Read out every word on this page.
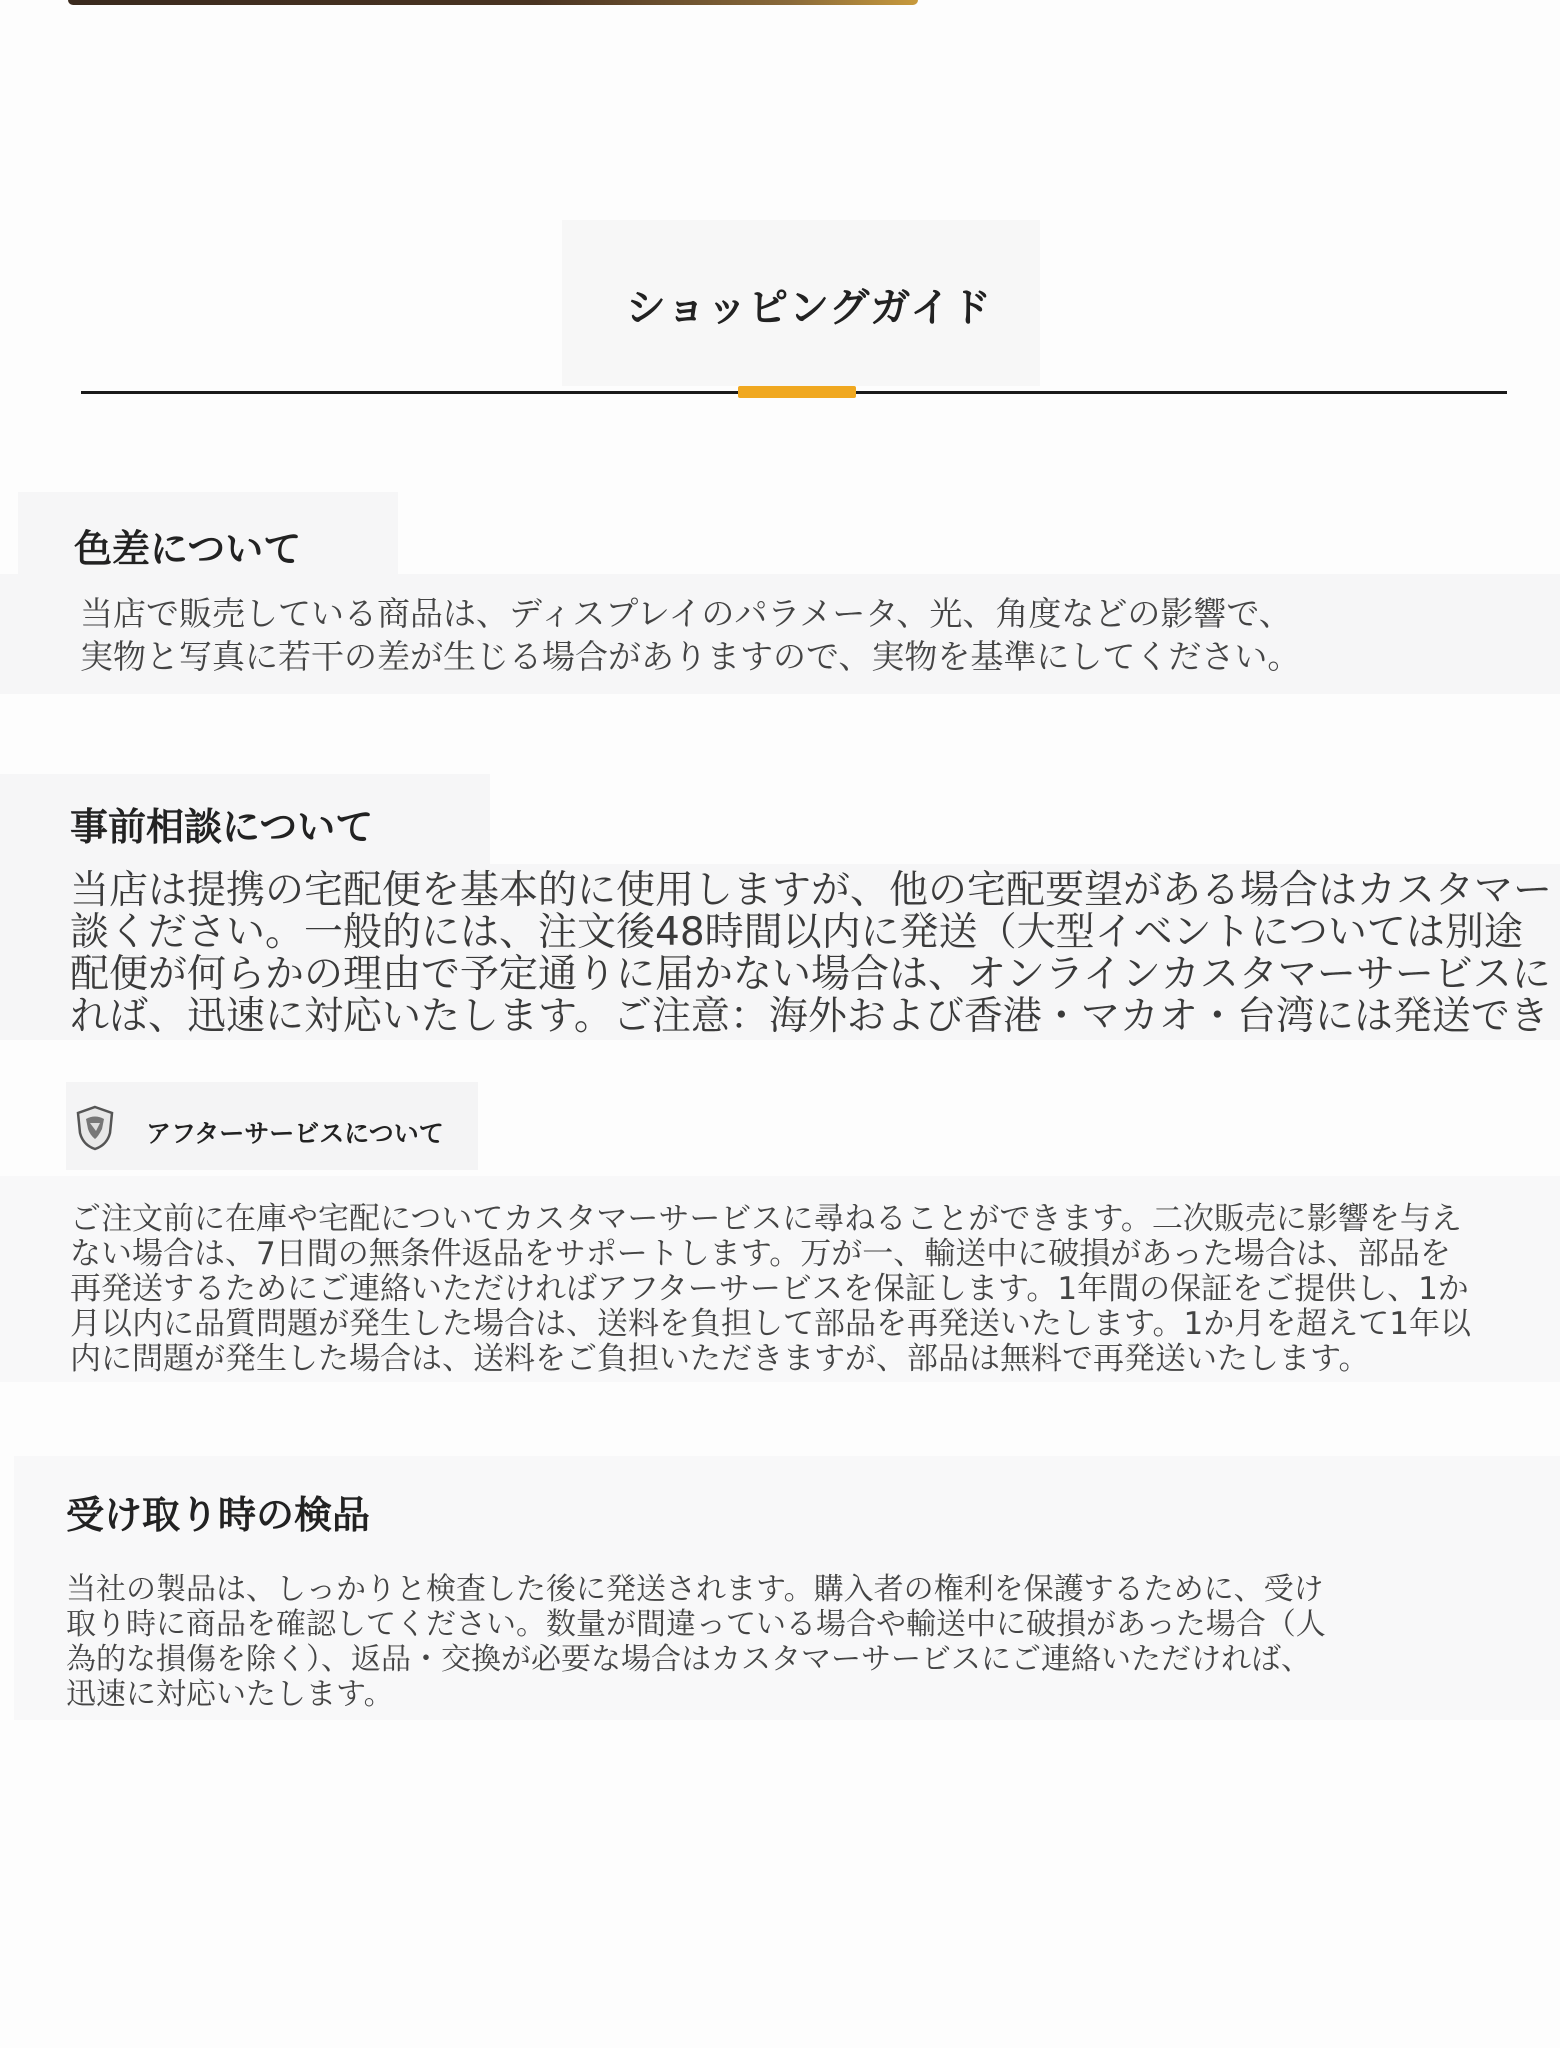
ショッピングガイド
色差について
当店で販売している商品は、ディスプレイのパラメータ、光、角度などの影響で、
実物と写真に若干の差が生じる場合がありますので、実物を基準にしてください。
事前相談について
当店は提携の宅配便を基本的に使用しますが、他の宅配要望がある場合はカスタマー
談ください。一般的には、注文後48時間以内に発送（大型イベントについては別途
配便が何らかの理由で予定通りに届かない場合は、オンラインカスタマーサービスに
れば、迅速に対応いたします。ご注意：海外および香港・マカオ・台湾には発送でき
アフターサービスについて
ご注文前に在庫や宅配についてカスタマーサービスに尋ねることができます。二次販売に影響を与え
ない場合は、7日間の無条件返品をサポートします。万が一、輸送中に破損があった場合は、部品を
再発送するためにご連絡いただければアフターサービスを保証します。1年間の保証をご提供し、1か
月以内に品質問題が発生した場合は、送料を負担して部品を再発送いたします。1か月を超えて1年以
内に問題が発生した場合は、送料をご負担いただきますが、部品は無料で再発送いたします。
受け取り時の検品
当社の製品は、しっかりと検査した後に発送されます。購入者の権利を保護するために、受け
取り時に商品を確認してください。数量が間違っている場合や輸送中に破損があった場合（人
為的な損傷を除く）、返品・交換が必要な場合はカスタマーサービスにご連絡いただければ、
迅速に対応いたします。
